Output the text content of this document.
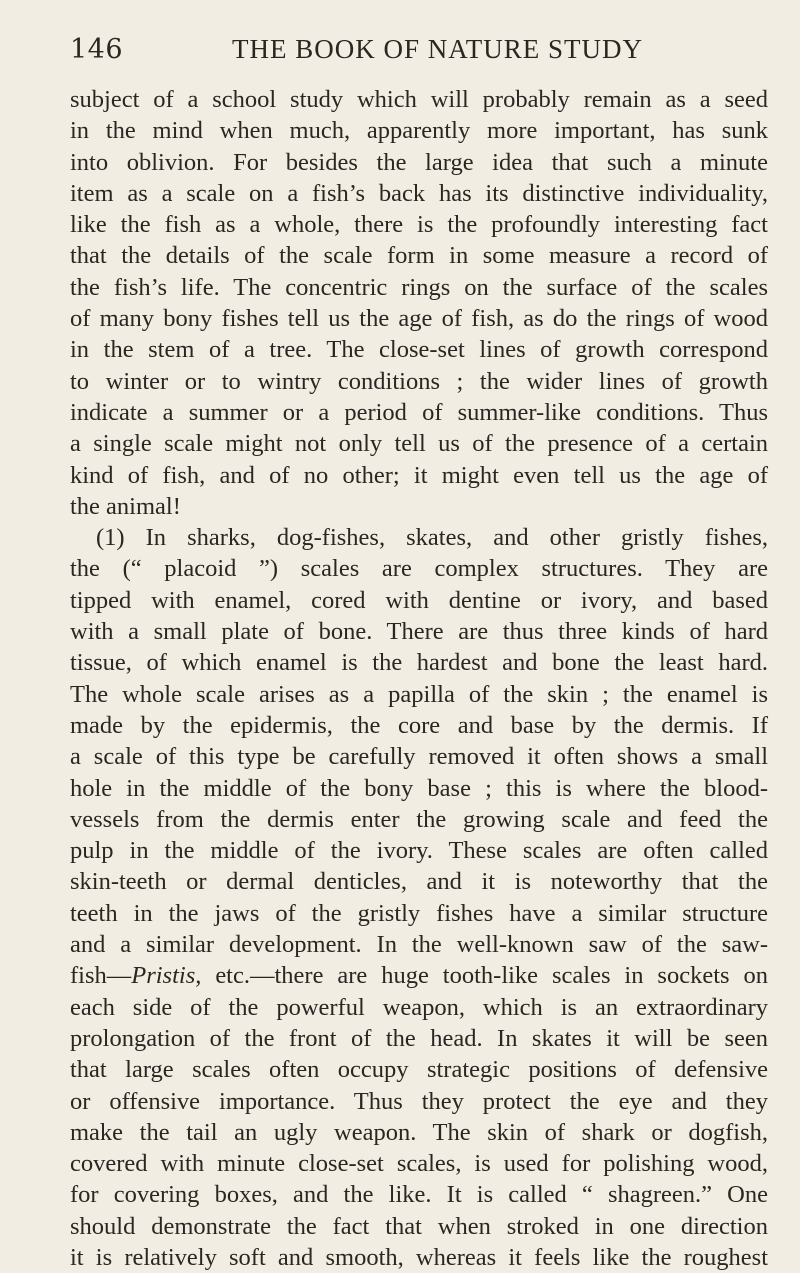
146	THE BOOK OF NATURE STUDY
subject of a school study which will probably remain as a seed
in the mind when much, apparently more important, has sunk
into oblivion. For besides the large idea that such a minute
item as a scale on a fish’s back has its distinctive individuality,
like the fish as a whole, there is the profoundly interesting fact
that the details of the scale form in some measure a record of
the fish’s life. The concentric rings on the surface of the scales
of many bony fishes tell us the age of fish, as do the rings of wood
in the stem of a tree. The close-set lines of growth correspond
to winter or to wintry conditions ; the wider lines of growth
indicate a summer or a period of summer-like conditions. Thus
a single scale might not only tell us of the presence of a certain
kind of fish, and of no other; it might even tell us the age of
the animal!
(1) In sharks, dog-fishes, skates, and other gristly fishes,
the (“ placoid ”) scales are complex structures. They are
tipped with enamel, cored with dentine or ivory, and based
with a small plate of bone. There are thus three kinds of hard
tissue, of which enamel is the hardest and bone the least hard.
The whole scale arises as a papilla of the skin ; the enamel is
made by the epidermis, the core and base by the dermis. If
a scale of this type be carefully removed it often shows a small
hole in the middle of the bony base ; this is where the blood-
vessels from the dermis enter the growing scale and feed the
pulp in the middle of the ivory. These scales are often called
skin-teeth or dermal denticles, and it is noteworthy that the
teeth in the jaws of the gristly fishes have a similar structure
and a similar development. In the well-known saw of the saw-
fish—Pristis, etc.—there are huge tooth-like scales in sockets on
each side of the powerful weapon, which is an extraordinary
prolongation of the front of the head. In skates it will be seen
that large scales often occupy strategic positions of defensive
or offensive importance. Thus they protect the eye and they
make the tail an ugly weapon. The skin of shark or dogfish,
covered with minute close-set scales, is used for polishing wood,
for covering boxes, and the like. It is called “ shagreen.” One
should demonstrate the fact that when stroked in one direction
it is relatively soft and smooth, whereas it feels like the roughest
